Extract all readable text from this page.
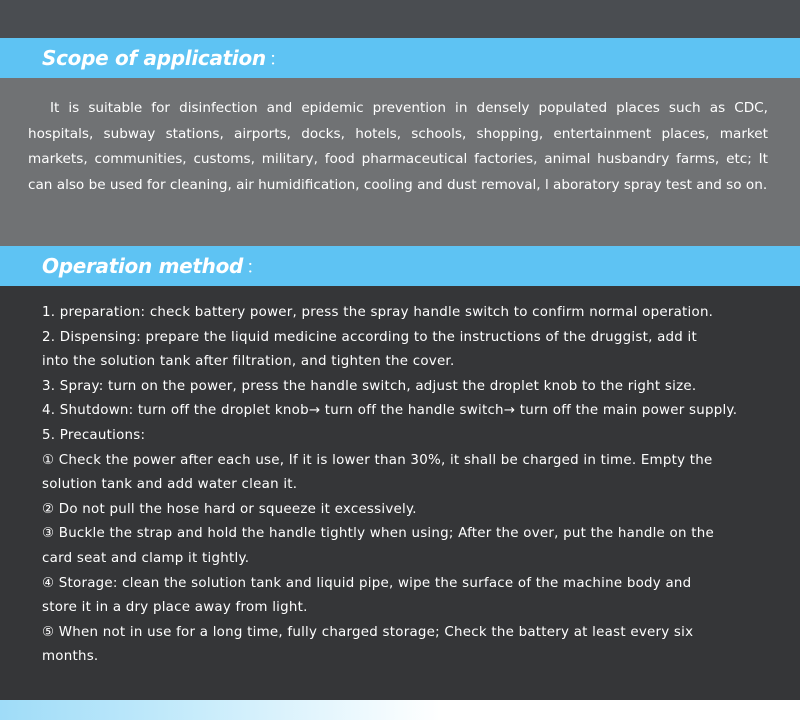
Scope of application ：

It is suitable for disinfection and epidemic prevention in densely populated places such as CDC, hospitals, subway stations, airports, docks, hotels, schools, shopping, entertainment places, market markets, communities, customs, military, food pharmaceutical factories, animal husbandry farms, etc; It can also be used for cleaning, air humidification, cooling and dust removal, l aboratory spray test and so on.

Operation method ：
1. preparation: check battery power, press the spray handle switch to confirm normal operation.
2. Dispensing: prepare the liquid medicine according to the instructions of the druggist, add it
into the solution tank after filtration, and tighten the cover.
3. Spray: turn on the power, press the handle switch, adjust the droplet knob to the right size.
4. Shutdown: turn off the droplet knob→ turn off the handle switch→ turn off the main power supply.
5. Precautions:
① Check the power after each use, If it is lower than 30%, it shall be charged in time. Empty the
solution tank and add water clean it.
② Do not pull the hose hard or squeeze it excessively.
③ Buckle the strap and hold the handle tightly when using; After the over, put the handle on the
card seat and clamp it tightly.
④ Storage: clean the solution tank and liquid pipe, wipe the surface of the machine body and
store it in a dry place away from light.
⑤ When not in use for a long time, fully charged storage; Check the battery at least every six
months.
